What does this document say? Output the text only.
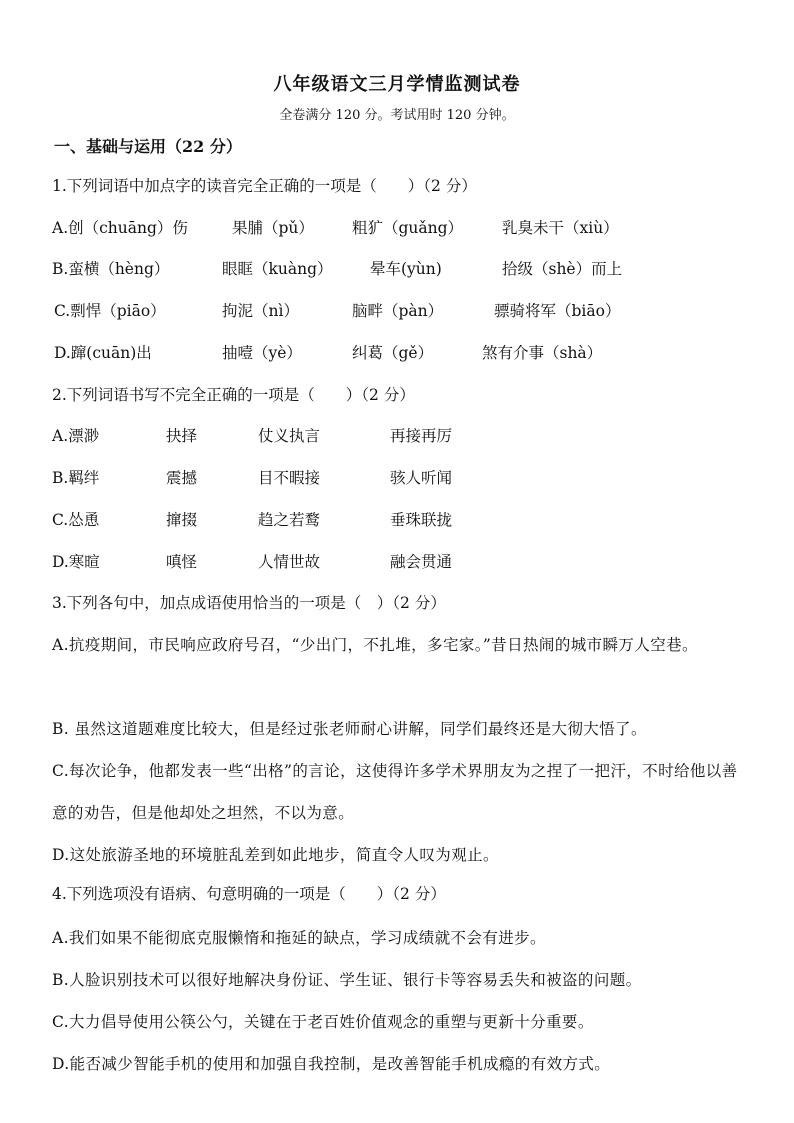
八年级语文三月学情监测试卷
全卷满分 120 分。考试用时 120 分钟。
一、基础与运用（22 分）
1.下列词语中加点字的读音完全正确的一项是（　　）（2 分）
A.创（chuāng）伤	果脯（pǔ） 粗犷（guǎng）	乳臭未干（xiù）
B.蛮横（hèng）	眼眶（kuàng） 晕车(yùn)	拾级（shè）而上
C.剽悍（piāo）	拘泥（nì）	脑畔（pàn）	骠骑将军（biāo）
D.蹿(cuān)出	抽噎（yè）	纠葛（gě）	煞有介事（shà）
2.下列词语书写不完全正确的一项是（　　）（2 分）
A.漂渺	抉择	仗义执言	再接再厉
B.羁绊	震撼	目不暇接	骇人听闻
C.怂恿	撺掇	趋之若鹜	垂珠联拢
D.寒暄	嗔怪	人情世故	融会贯通
3.下列各句中，加点成语使用恰当的一项是（　）（2 分）
A.抗疫期间，市民响应政府号召，“少出门，不扎堆，多宅家。”昔日热闹的城市瞬万人空巷。
B. 虽然这道题难度比较大，但是经过张老师耐心讲解，同学们最终还是大彻大悟了。
C.每次论争，他都发表一些“出格”的言论，这使得许多学术界朋友为之捏了一把汗，不时给他以善意的劝告，但是他却处之坦然，不以为意。
D.这处旅游圣地的环境脏乱差到如此地步，简直令人叹为观止。
4.下列选项没有语病、句意明确的一项是（　　）（2 分）
A.我们如果不能彻底克服懒惰和拖延的缺点，学习成绩就不会有进步。
B.人脸识别技术可以很好地解决身份证、学生证、银行卡等容易丢失和被盗的问题。
C.大力倡导使用公筷公勺，关键在于老百姓价值观念的重塑与更新十分重要。
D.能否减少智能手机的使用和加强自我控制，是改善智能手机成瘾的有效方式。
